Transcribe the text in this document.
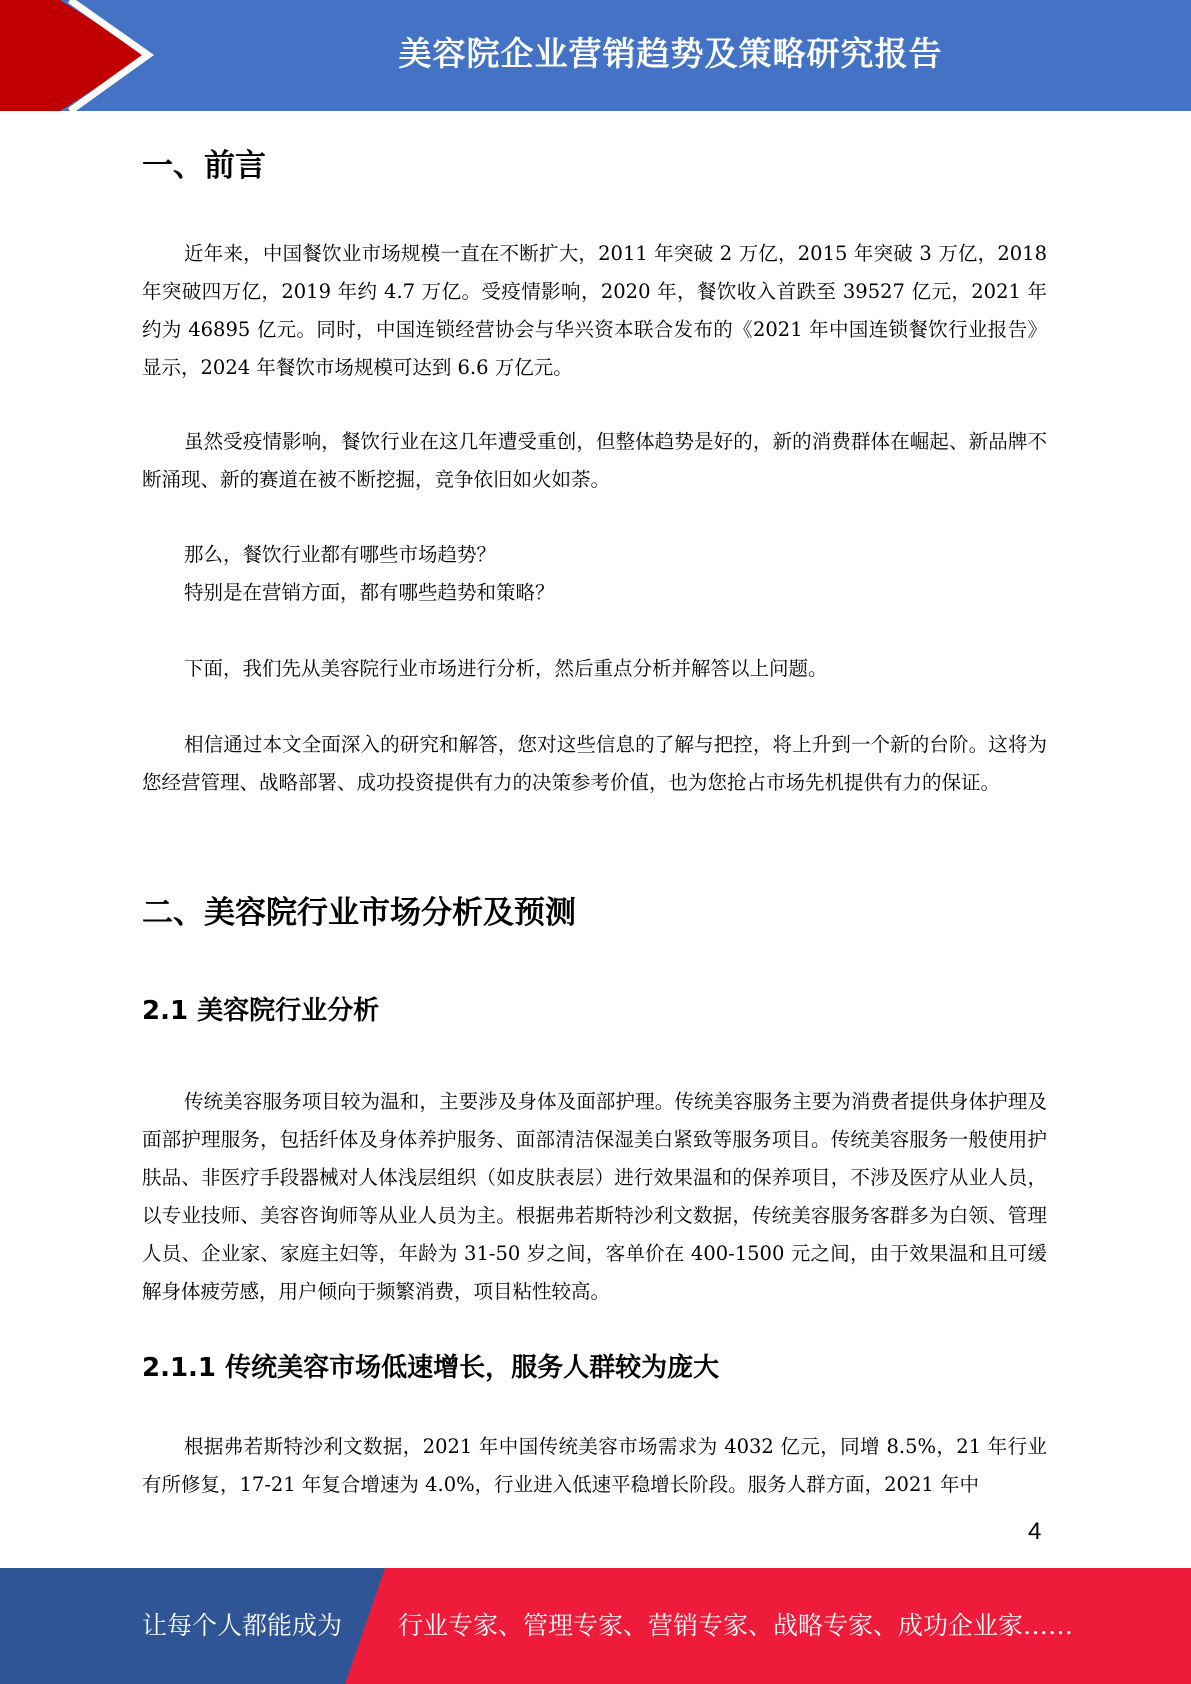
美容院企业营销趋势及策略研究报告
一、前言

近年来，中国餐饮业市场规模一直在不断扩大，2011 年突破 2 万亿，2015 年突破 3 万亿，2018 年突破四万亿，2019 年约 4.7 万亿。受疫情影响，2020 年，餐饮收入首跌至 39527 亿元，2021 年约为 46895 亿元。同时，中国连锁经营协会与华兴资本联合发布的《2021 年中国连锁餐饮行业报告》显示，2024 年餐饮市场规模可达到 6.6 万亿元。

虽然受疫情影响，餐饮行业在这几年遭受重创，但整体趋势是好的，新的消费群体在崛起、新品牌不断涌现、新的赛道在被不断挖掘，竞争依旧如火如荼。

那么，餐饮行业都有哪些市场趋势？

特别是在营销方面，都有哪些趋势和策略？

下面，我们先从美容院行业市场进行分析，然后重点分析并解答以上问题。

相信通过本文全面深入的研究和解答，您对这些信息的了解与把控，将上升到一个新的台阶。这将为您经营管理、战略部署、成功投资提供有力的决策参考价值，也为您抢占市场先机提供有力的保证。

二、美容院行业市场分析及预测
2.1 美容院行业分析

传统美容服务项目较为温和，主要涉及身体及面部护理。传统美容服务主要为消费者提供身体护理及面部护理服务，包括纤体及身体养护服务、面部清洁保湿美白紧致等服务项目。传统美容服务一般使用护肤品、非医疗手段器械对人体浅层组织（如皮肤表层）进行效果温和的保养项目，不涉及医疗从业人员，以专业技师、美容咨询师等从业人员为主。根据弗若斯特沙利文数据，传统美容服务客群多为白领、管理人员、企业家、家庭主妇等，年龄为 31-50 岁之间，客单价在 400-1500 元之间，由于效果温和且可缓解身体疲劳感，用户倾向于频繁消费，项目粘性较高。

2.1.1 传统美容市场低速增长，服务人群较为庞大

根据弗若斯特沙利文数据，2021 年中国传统美容市场需求为 4032 亿元，同增 8.5%，21 年行业有所修复，17-21 年复合增速为 4.0%，行业进入低速平稳增长阶段。服务人群方面，2021 年中

4
让每个人都能成为 行业专家、管理专家、营销专家、战略专家、成功企业家……
